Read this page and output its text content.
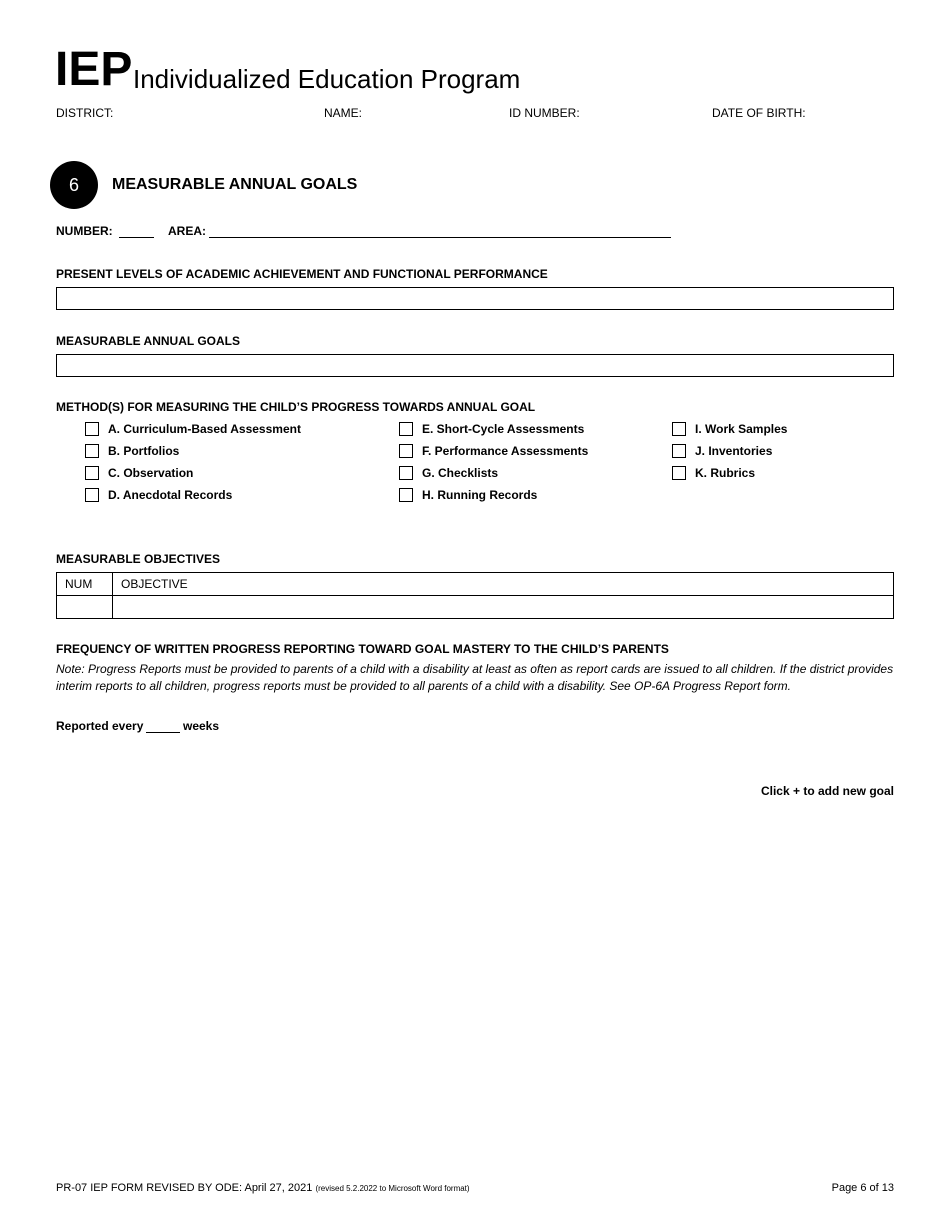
IEP Individualized Education Program
DISTRICT:	NAME:	ID NUMBER:	DATE OF BIRTH:
6	MEASURABLE ANNUAL GOALS
NUMBER:	AREA:
PRESENT LEVELS OF ACADEMIC ACHIEVEMENT AND FUNCTIONAL PERFORMANCE
MEASURABLE ANNUAL GOALS
METHOD(S) FOR MEASURING THE CHILD’S PROGRESS TOWARDS ANNUAL GOAL
A. Curriculum-Based Assessment
B. Portfolios
C. Observation
D. Anecdotal Records
E. Short-Cycle Assessments
F. Performance Assessments
G. Checklists
H. Running Records
I. Work Samples
J. Inventories
K. Rubrics
MEASURABLE OBJECTIVES
NUM	OBJECTIVE

FREQUENCY OF WRITTEN PROGRESS REPORTING TOWARD GOAL MASTERY TO THE CHILD’S PARENTS
Note: Progress Reports must be provided to parents of a child with a disability at least as often as report cards are issued to all children. If the district provides interim reports to all children, progress reports must be provided to all parents of a child with a disability. See OP-6A Progress Report form.
Reported every	weeks
Click + to add new goal
PR-07 IEP FORM REVISED BY ODE: April 27, 2021 (revised 5.2.2022 to Microsoft Word format)	Page 6 of 13
